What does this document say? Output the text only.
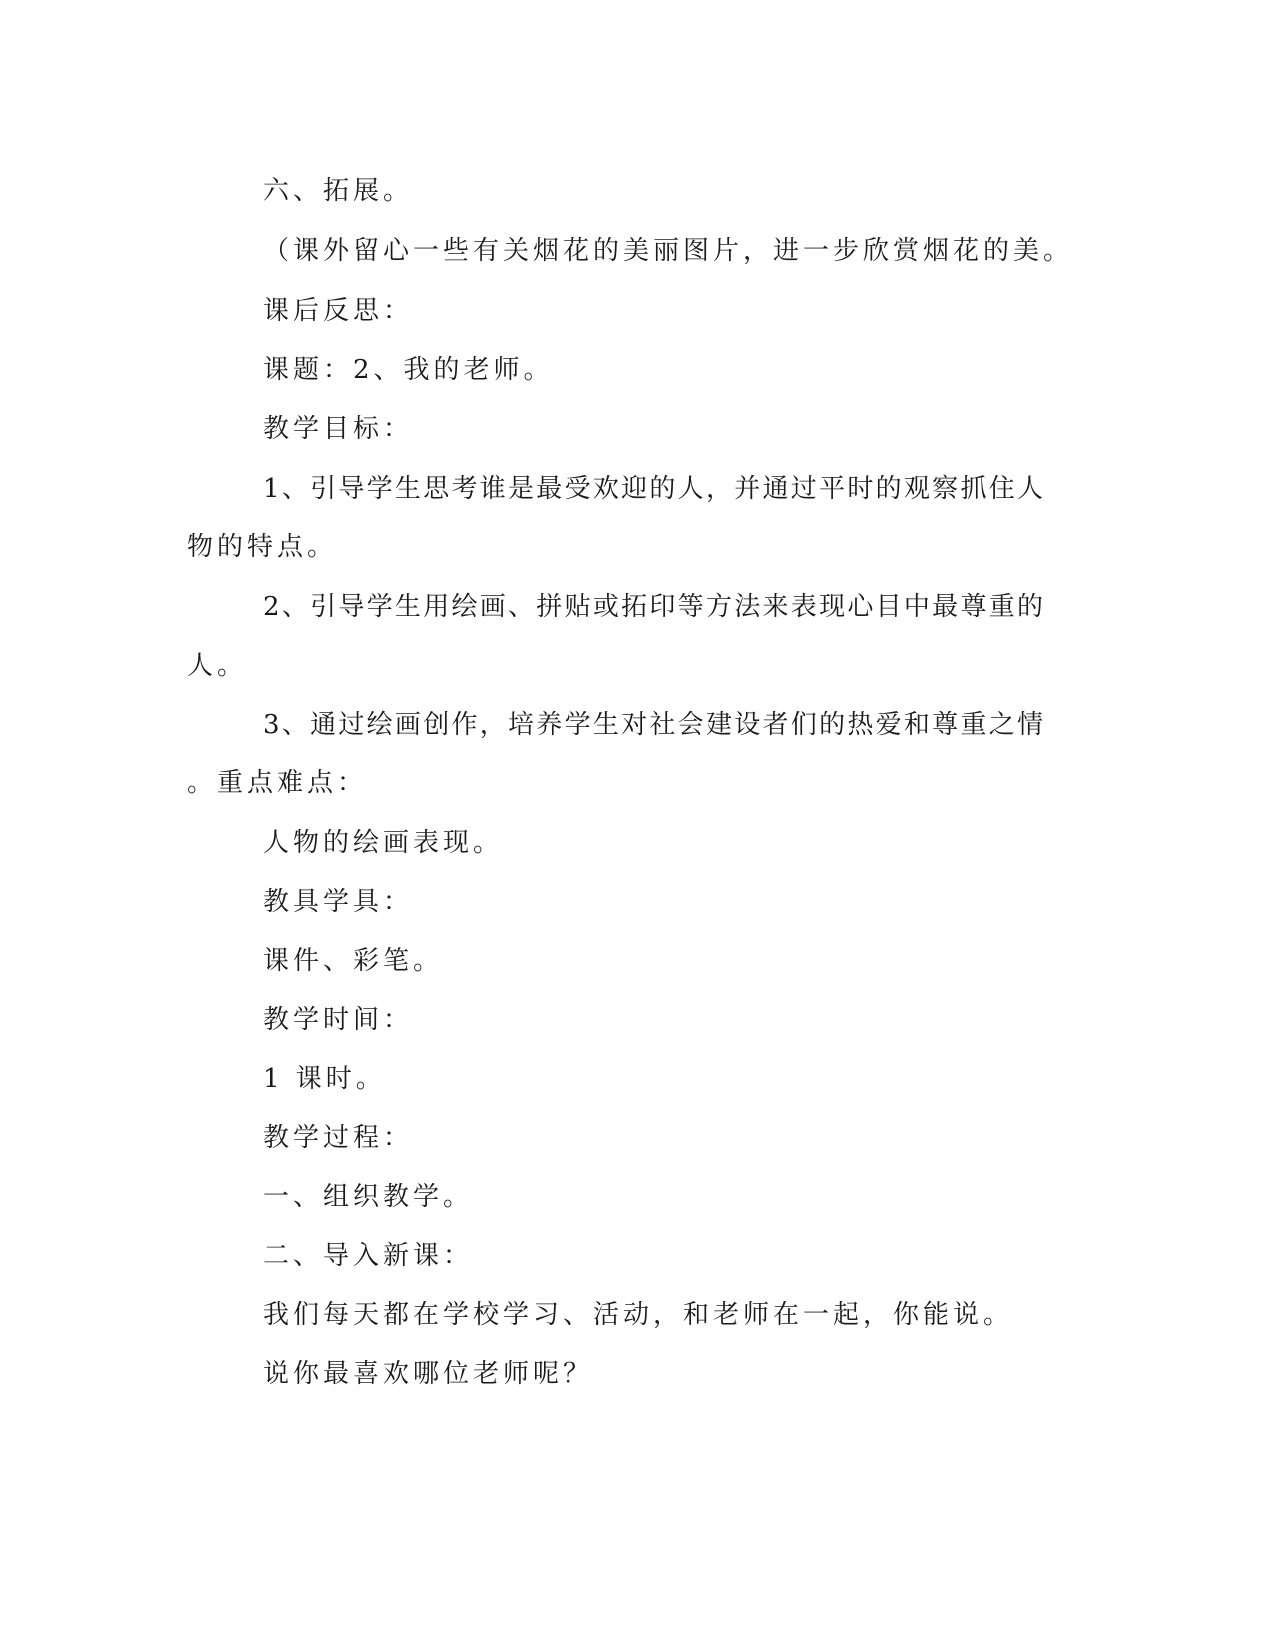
六、拓展。
（课外留心一些有关烟花的美丽图片，进一步欣赏烟花的美。
课后反思：
课题：2、我的老师。
教学目标：
1、引导学生思考谁是最受欢迎的人，并通过平时的观察抓住人
物的特点。
2、引导学生用绘画、拼贴或拓印等方法来表现心目中最尊重的
人。
3、通过绘画创作，培养学生对社会建设者们的热爱和尊重之情
。重点难点：
人物的绘画表现。
教具学具：
课件、彩笔。
教学时间：
1 课时。
教学过程：
一、组织教学。
二、导入新课：
我们每天都在学校学习、活动，和老师在一起，你能说。
说你最喜欢哪位老师呢？
